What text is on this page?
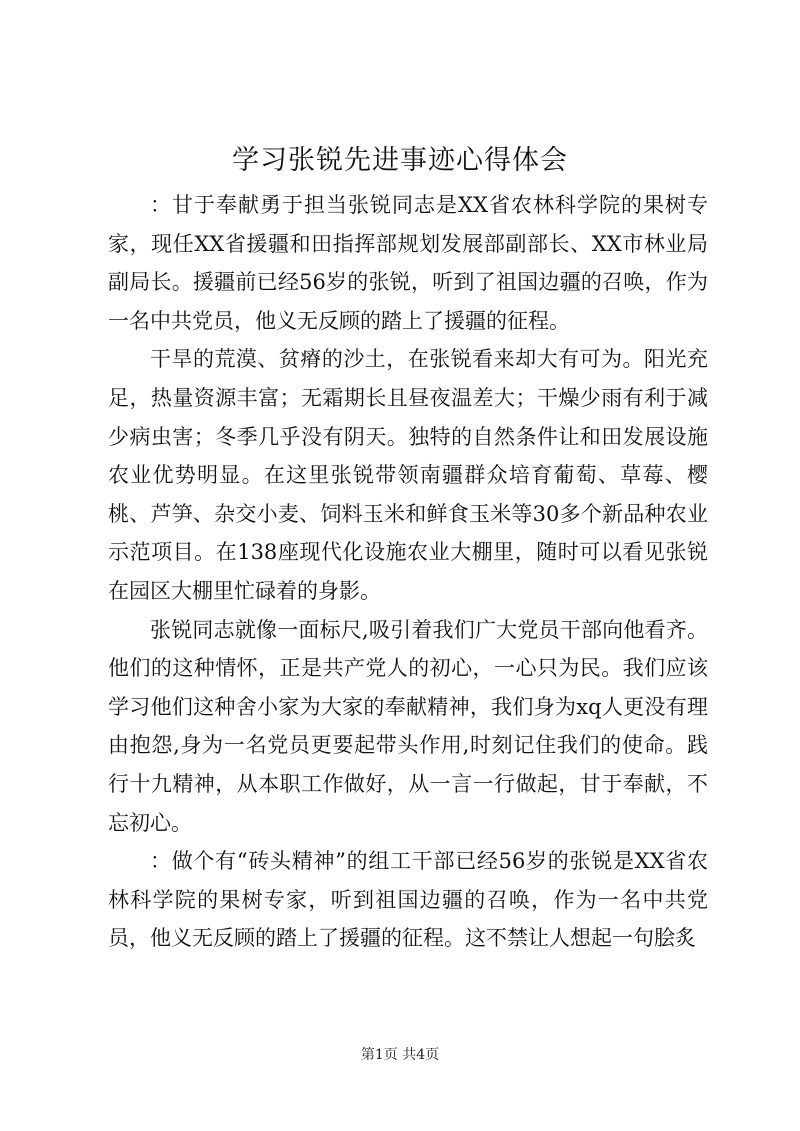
学习张锐先进事迹心得体会

：甘于奉献勇于担当张锐同志是XX省农林科学院的果树专家，现任XX省援疆和田指挥部规划发展部副部长、XX市林业局副局长。援疆前已经56岁的张锐，听到了祖国边疆的召唤，作为一名中共党员，他义无反顾的踏上了援疆的征程。

干旱的荒漠、贫瘠的沙土，在张锐看来却大有可为。阳光充足，热量资源丰富；无霜期长且昼夜温差大；干燥少雨有利于减少病虫害；冬季几乎没有阴天。独特的自然条件让和田发展设施农业优势明显。在这里张锐带领南疆群众培育葡萄、草莓、樱桃、芦笋、杂交小麦、饲料玉米和鲜食玉米等30多个新品种农业示范项目。在138座现代化设施农业大棚里，随时可以看见张锐在园区大棚里忙碌着的身影。

张锐同志就像一面标尺,吸引着我们广大党员干部向他看齐。他们的这种情怀，正是共产党人的初心，一心只为民。我们应该学习他们这种舍小家为大家的奉献精神，我们身为xq人更没有理由抱怨,身为一名党员更要起带头作用,时刻记住我们的使命。践行十九精神，从本职工作做好，从一言一行做起，甘于奉献，不忘初心。

：做个有“砖头精神”的组工干部已经56岁的张锐是XX省农林科学院的果树专家，听到祖国边疆的召唤，作为一名中共党员，他义无反顾的踏上了援疆的征程。这不禁让人想起一句脍炙

第1页 共4页
